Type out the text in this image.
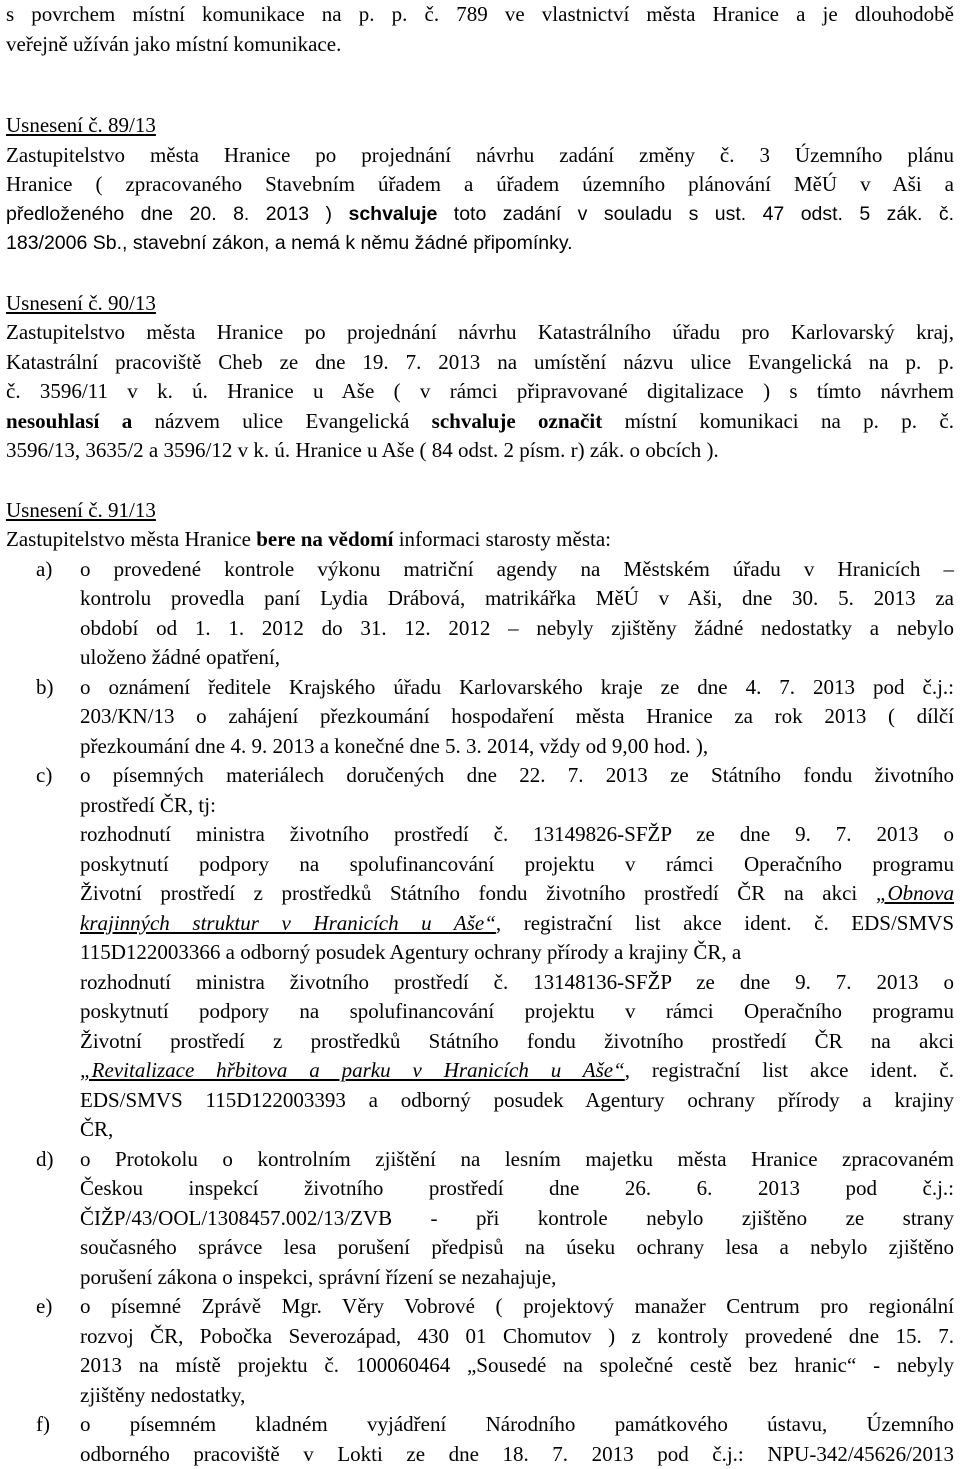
s povrchem místní komunikace na p. p. č. 789 ve vlastnictví města Hranice a je dlouhodobě
veřejně užíván jako místní komunikace.
Usnesení č. 89/13
Zastupitelstvo města Hranice po projednání návrhu zadání změny č. 3 Územního plánu
Hranice ( zpracovaného Stavebním úřadem a úřadem územního plánování MěÚ v Aši a
předloženého dne 20. 8. 2013 ) schvaluje toto zadání v souladu s ust. 47 odst. 5 zák. č.
183/2006 Sb., stavební zákon, a nemá k němu žádné připomínky.
Usnesení č. 90/13
Zastupitelstvo města Hranice po projednání návrhu Katastrálního úřadu pro Karlovarský kraj,
Katastrální pracoviště Cheb ze dne 19. 7. 2013 na umístění názvu ulice Evangelická na p. p.
č. 3596/11 v k. ú. Hranice u Aše ( v rámci připravované digitalizace ) s tímto návrhem
nesouhlasí a názvem ulice Evangelická schvaluje označit místní komunikaci na p. p. č.
3596/13, 3635/2 a 3596/12 v k. ú. Hranice u Aše ( 84 odst. 2 písm. r) zák. o obcích ).
Usnesení č. 91/13
Zastupitelstvo města Hranice bere na vědomí informaci starosty města:
a) o provedené kontrole výkonu matriční agendy na Městském úřadu v Hranicích –
kontrolu provedla paní Lydia Drábová, matrikářka MěÚ v Aši, dne 30. 5. 2013 za
období od 1. 1. 2012 do 31. 12. 2012 – nebyly zjištěny žádné nedostatky a nebylo
uloženo žádné opatření,
b) o oznámení ředitele Krajského úřadu Karlovarského kraje ze dne 4. 7. 2013 pod č.j.:
203/KN/13 o zahájení přezkoumání hospodaření města Hranice za rok 2013 ( dílčí
přezkoumání dne 4. 9. 2013 a konečné dne 5. 3. 2014, vždy od 9,00 hod. ),
c) o písemných materiálech doručených dne 22. 7. 2013 ze Státního fondu životního
prostředí ČR, tj:
rozhodnutí ministra životního prostředí č. 13149826-SFŽP ze dne 9. 7. 2013 o
poskytnutí podpory na spolufinancování projektu v rámci Operačního programu
Životní prostředí z prostředků Státního fondu životního prostředí ČR na akci „Obnova
krajinných struktur v Hranicích u Aše“, registrační list akce ident. č. EDS/SMVS
115D122003366 a odborný posudek Agentury ochrany přírody a krajiny ČR, a
rozhodnutí ministra životního prostředí č. 13148136-SFŽP ze dne 9. 7. 2013 o
poskytnutí podpory na spolufinancování projektu v rámci Operačního programu
Životní prostředí z prostředků Státního fondu životního prostředí ČR na akci
„Revitalizace hřbitova a parku v Hranicích u Aše“, registrační list akce ident. č.
EDS/SMVS 115D122003393 a odborný posudek Agentury ochrany přírody a krajiny
ČR,
d) o Protokolu o kontrolním zjištění na lesním majetku města Hranice zpracovaném
Českou inspekcí životního prostředí dne 26. 6. 2013 pod č.j.:
ČIŽP/43/OOL/1308457.002/13/ZVB - při kontrole nebylo zjištěno ze strany
současného správce lesa porušení předpisů na úseku ochrany lesa a nebylo zjištěno
porušení zákona o inspekci, správní řízení se nezahajuje,
e) o písemné Zprávě Mgr. Věry Vobrové ( projektový manažer Centrum pro regionální
rozvoj ČR, Pobočka Severozápad, 430 01 Chomutov ) z kontroly provedené dne 15. 7.
2013 na místě projektu č. 100060464 „Sousedé na společné cestě bez hranic“ - nebyly
zjištěny nedostatky,
f) o písemném kladném vyjádření Národního památkového ústavu, Územního
odborného pracoviště v Lokti ze dne 18. 7. 2013 pod č.j.: NPU-342/45626/2013
